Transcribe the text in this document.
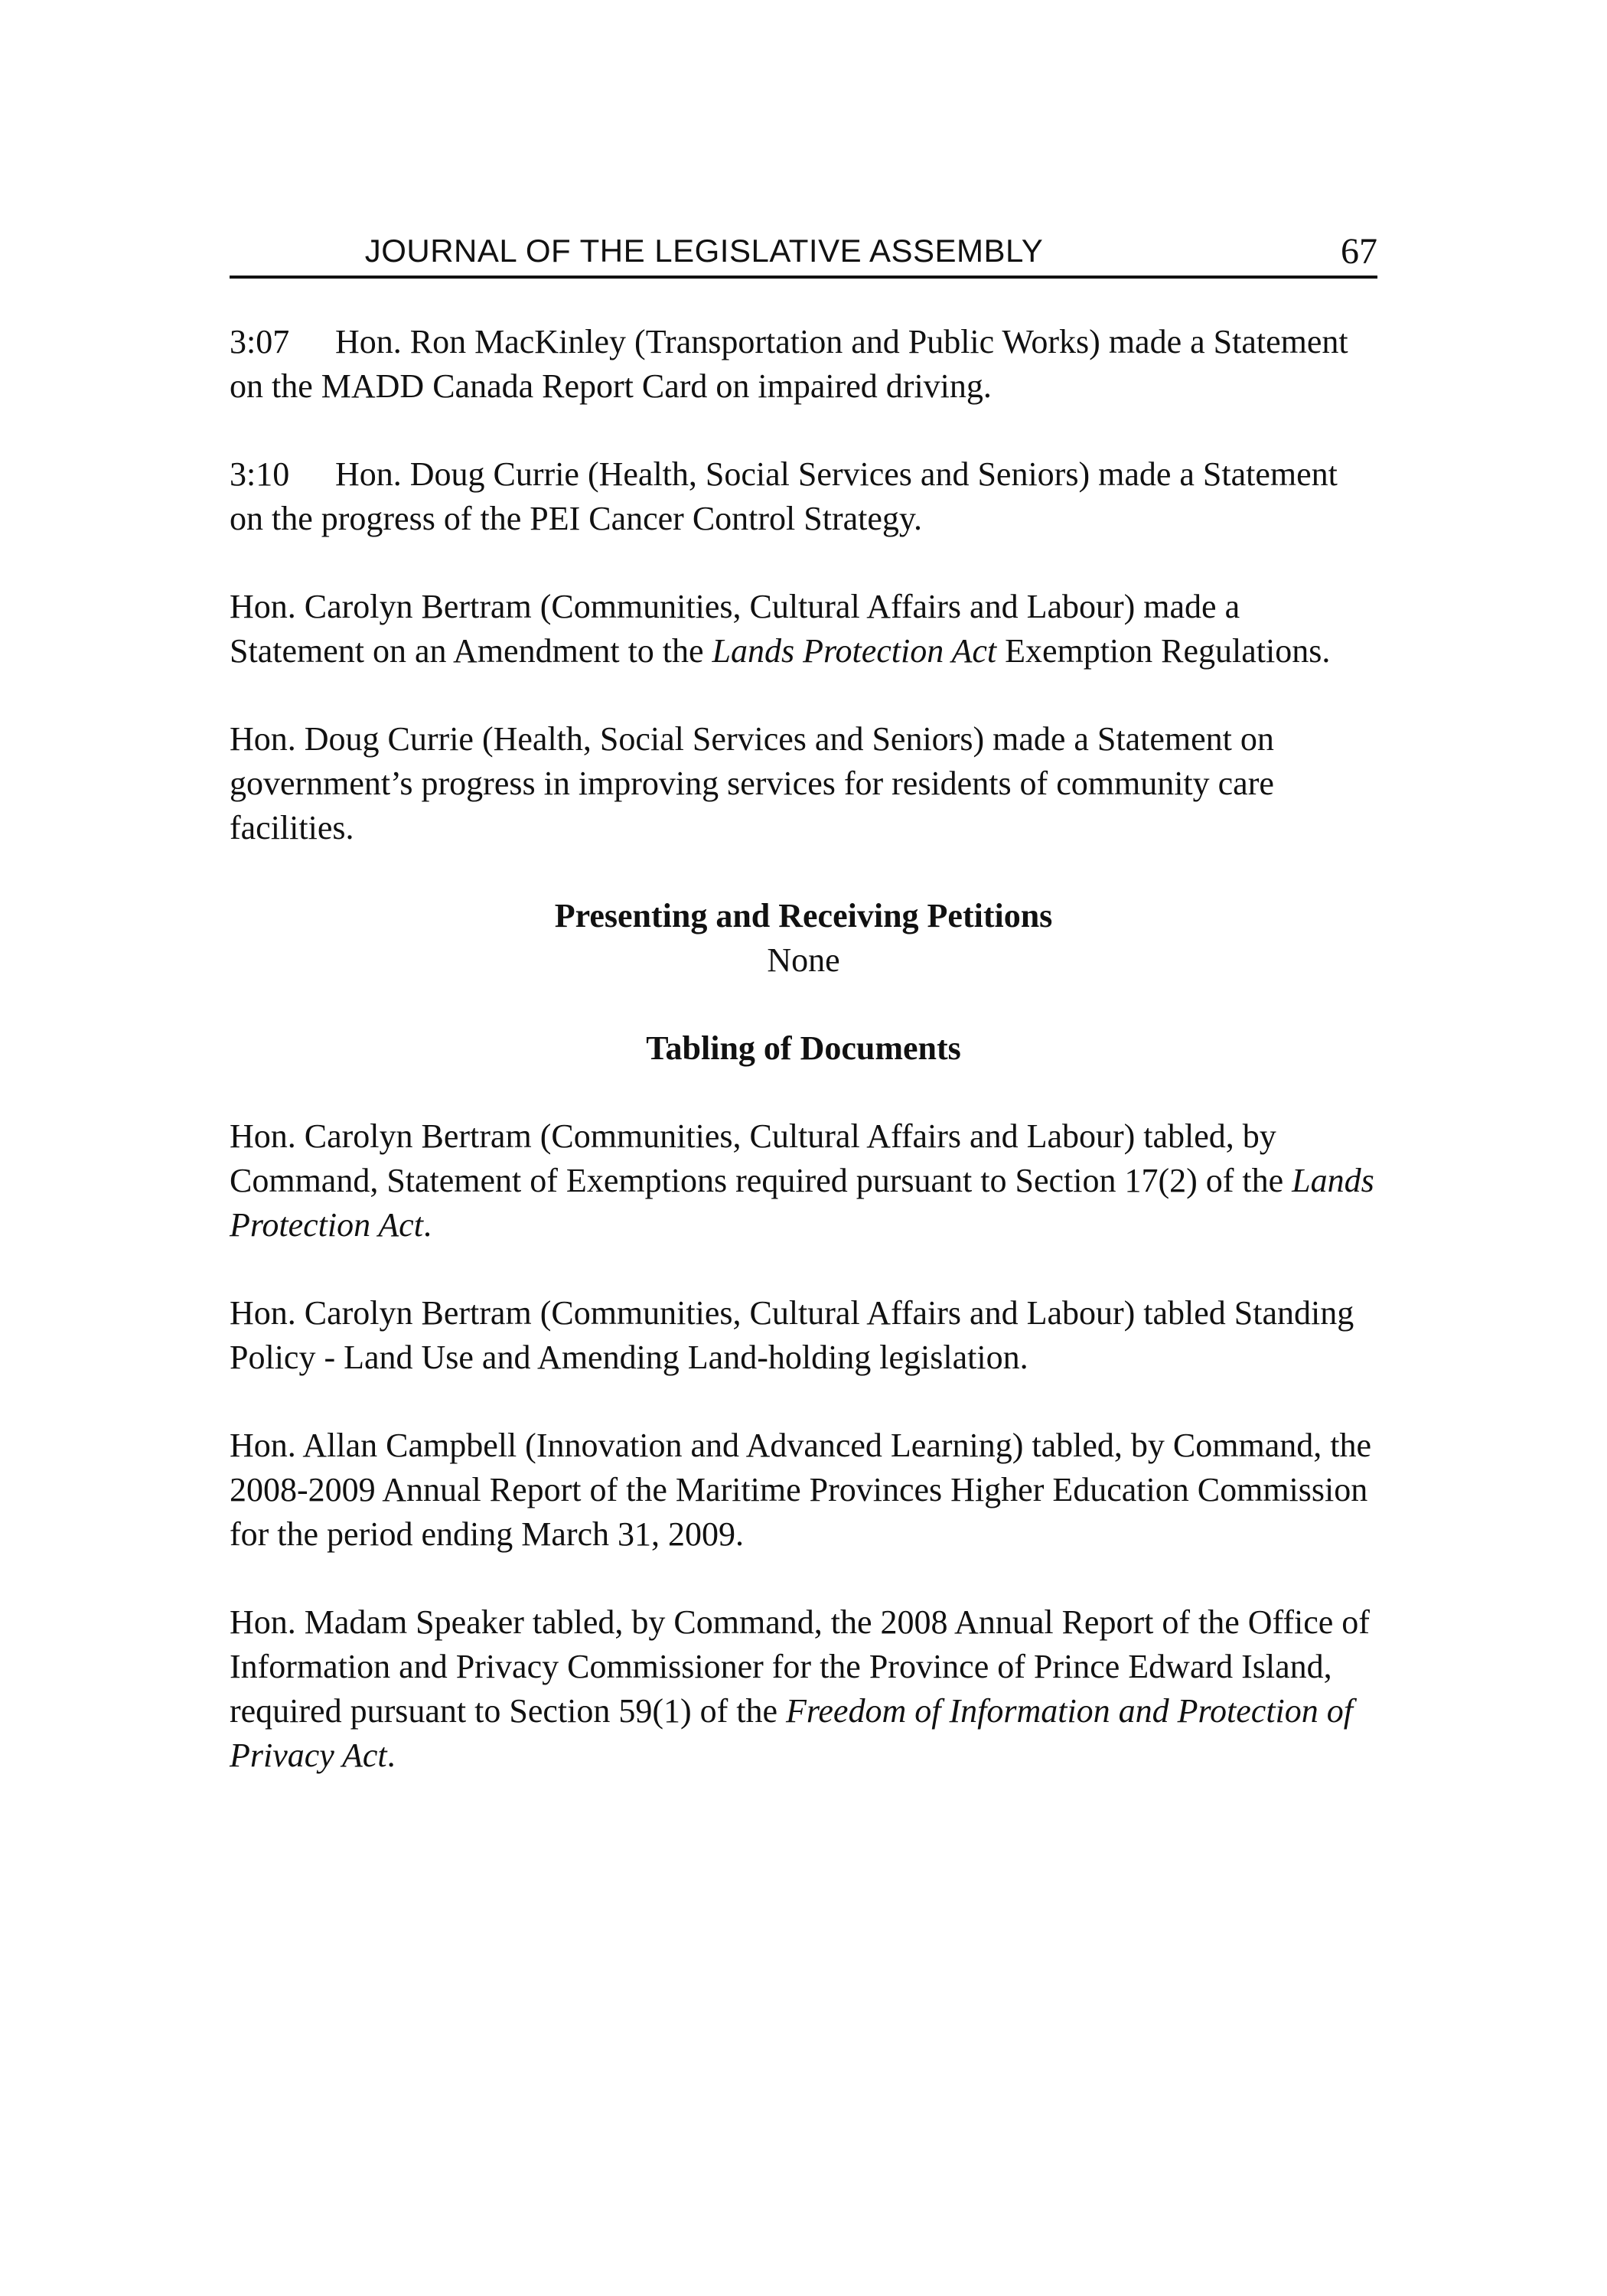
JOURNAL OF THE LEGISLATIVE ASSEMBLY	67

3:07 Hon. Ron MacKinley (Transportation and Public Works) made a Statement on the MADD Canada Report Card on impaired driving.

3:10 Hon. Doug Currie (Health, Social Services and Seniors) made a Statement on the progress of the PEI Cancer Control Strategy.

Hon. Carolyn Bertram (Communities, Cultural Affairs and Labour) made a Statement on an Amendment to the Lands Protection Act Exemption Regulations.

Hon. Doug Currie (Health, Social Services and Seniors) made a Statement on government’s progress in improving services for residents of community care facilities.

Presenting and Receiving Petitions

None

Tabling of Documents

Hon. Carolyn Bertram (Communities, Cultural Affairs and Labour) tabled, by Command, Statement of Exemptions required pursuant to Section 17(2) of the Lands Protection Act.

Hon. Carolyn Bertram (Communities, Cultural Affairs and Labour) tabled Standing Policy - Land Use and Amending Land-holding legislation.

Hon. Allan Campbell (Innovation and Advanced Learning) tabled, by Command, the 2008-2009 Annual Report of the Maritime Provinces Higher Education Commission for the period ending March 31, 2009.

Hon. Madam Speaker tabled, by Command, the 2008 Annual Report of the Office of Information and Privacy Commissioner for the Province of Prince Edward Island, required pursuant to Section 59(1) of the Freedom of Information and Protection of Privacy Act.
